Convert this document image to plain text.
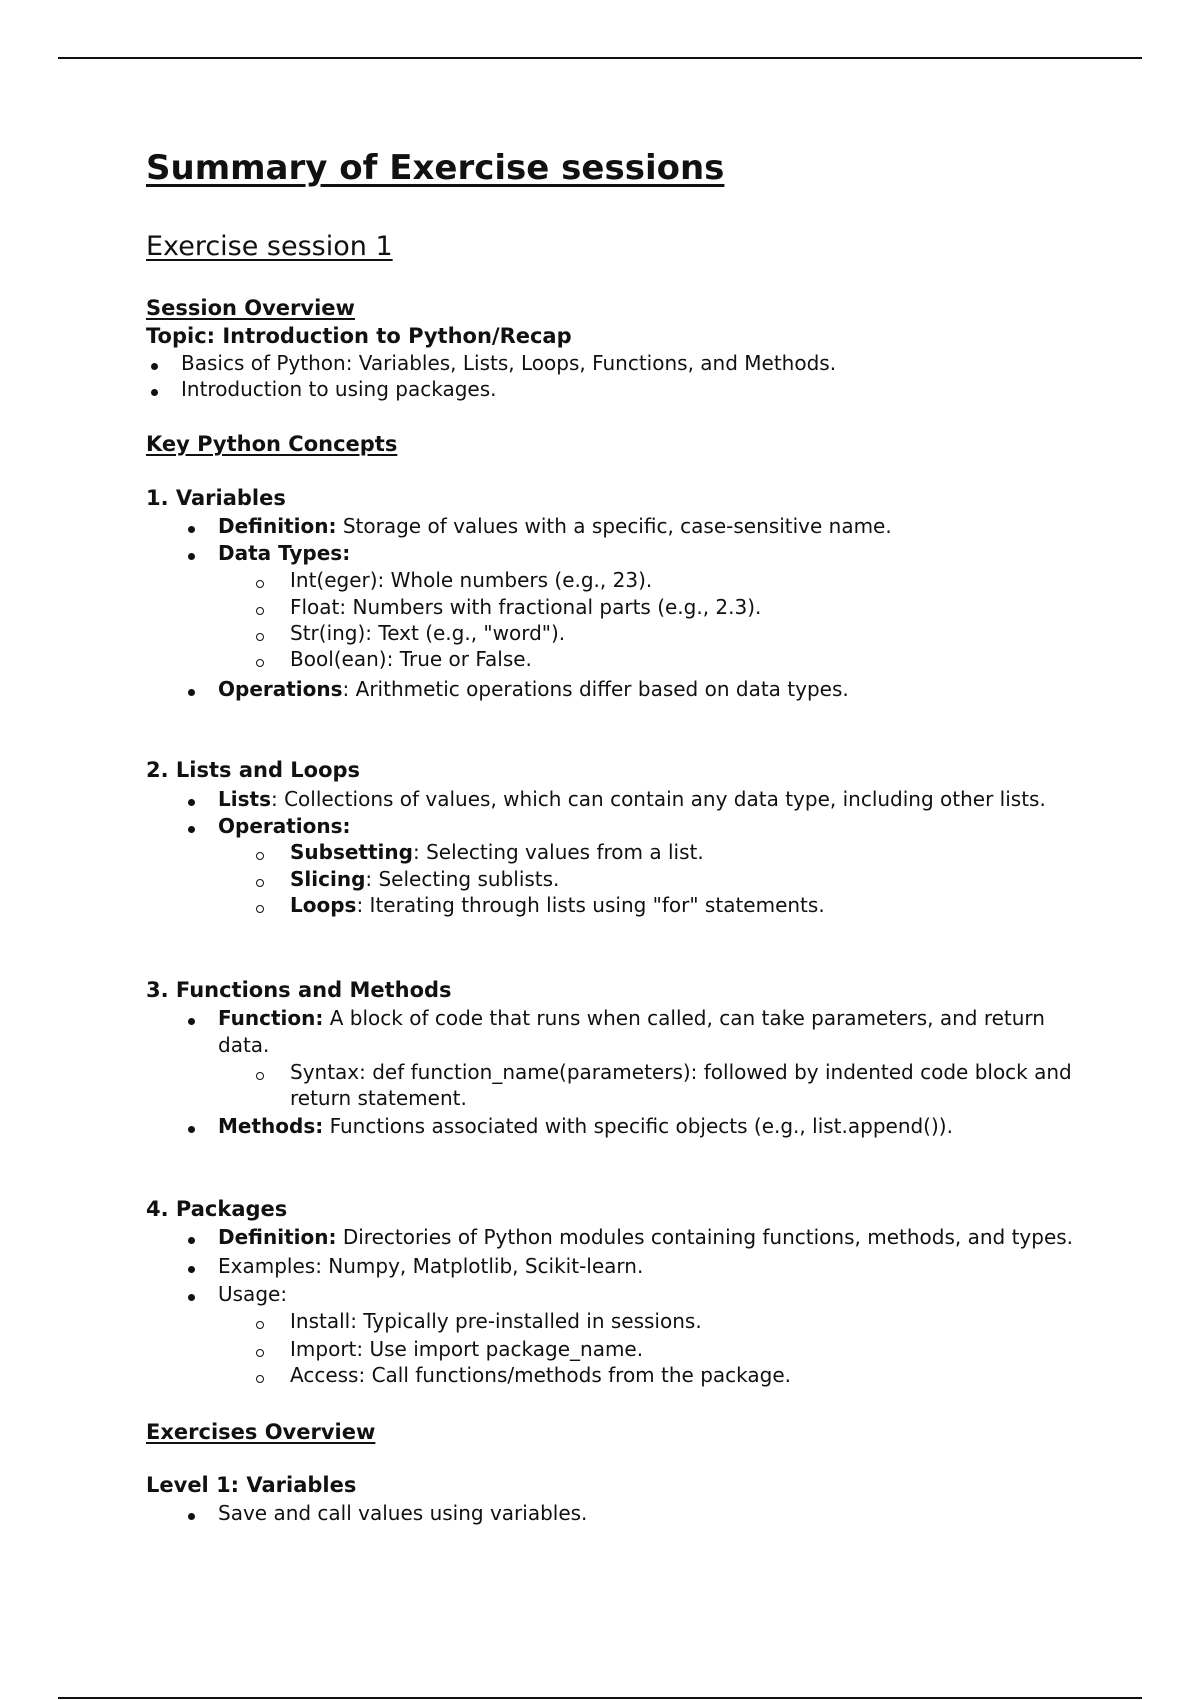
Summary of Exercise sessions
Exercise session 1
Session Overview
Topic: Introduction to Python/Recap
Basics of Python: Variables, Lists, Loops, Functions, and Methods.
Introduction to using packages.
Key Python Concepts
1. Variables
Definition: Storage of values with a specific, case-sensitive name.
Data Types:
Int(eger): Whole numbers (e.g., 23).
Float: Numbers with fractional parts (e.g., 2.3).
Str(ing): Text (e.g., "word").
Bool(ean): True or False.
Operations: Arithmetic operations differ based on data types.
2. Lists and Loops
Lists: Collections of values, which can contain any data type, including other lists.
Operations:
Subsetting: Selecting values from a list.
Slicing: Selecting sublists.
Loops: Iterating through lists using "for" statements.
3. Functions and Methods
Function: A block of code that runs when called, can take parameters, and return
data.
Syntax: def function_name(parameters): followed by indented code block and
return statement.
Methods: Functions associated with specific objects (e.g., list.append()).
4. Packages
Definition: Directories of Python modules containing functions, methods, and types.
Examples: Numpy, Matplotlib, Scikit-learn.
Usage:
Install: Typically pre-installed in sessions.
Import: Use import package_name.
Access: Call functions/methods from the package.
Exercises Overview
Level 1: Variables
Save and call values using variables.
